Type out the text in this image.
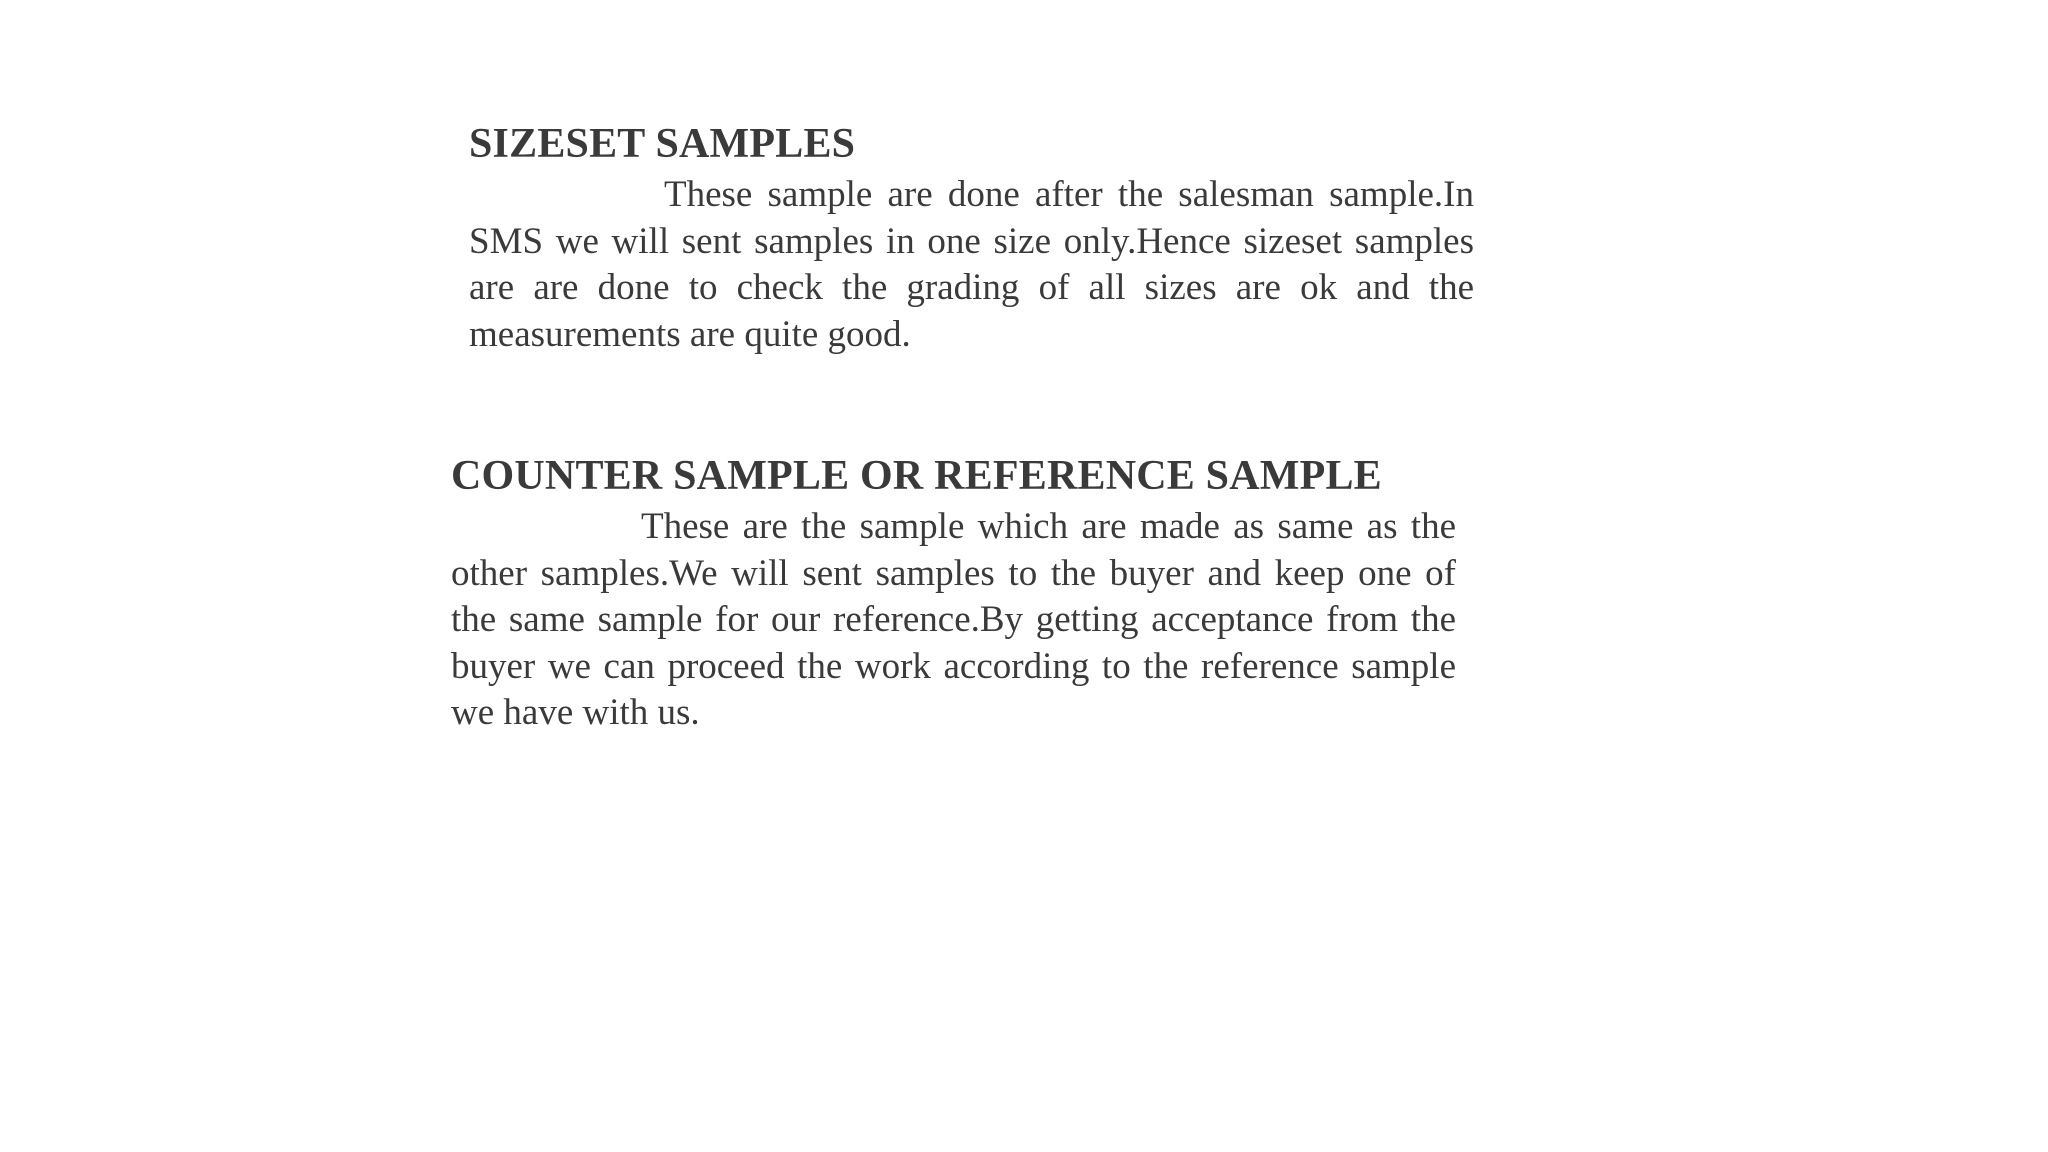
SIZESET SAMPLES

These sample are done after the salesman sample.In SMS we will sent samples in one size only.Hence sizeset samples are are done to check the grading of all sizes are ok and the measurements are quite good.

COUNTER SAMPLE OR REFERENCE SAMPLE

These are the sample which are made as same as the other samples.We will sent samples to the buyer and keep one of the same sample for our reference.By getting acceptance from the buyer we can proceed the work according to the reference sample we have with us.
